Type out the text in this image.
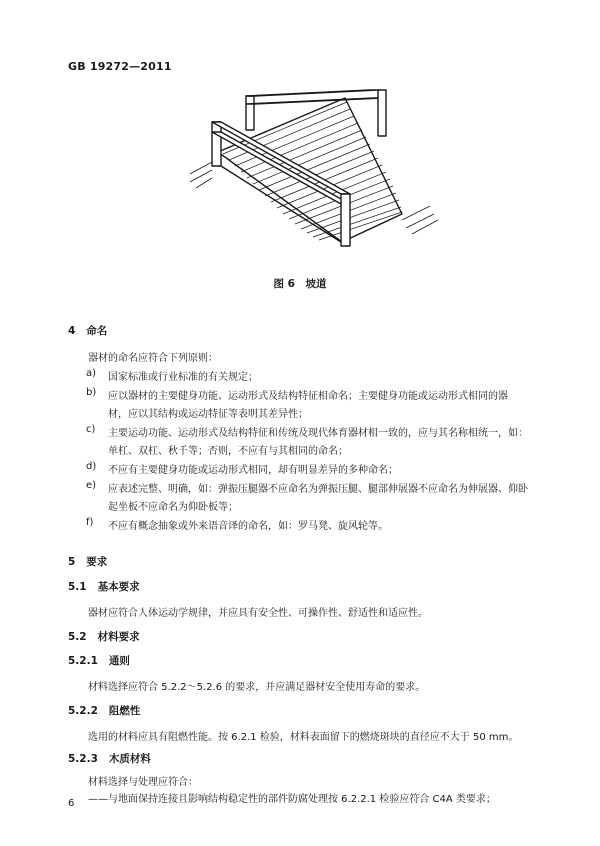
GB 19272—2011
图 6　坡道
4 命名
器材的命名应符合下列原则：
a) 国家标准或行业标准的有关规定；
b) 应以器材的主要健身功能、运动形式及结构特征相命名；主要健身功能或运动形式相同的器
材，应以其结构或运动特征等表明其差异性；
c) 主要运动功能、运动形式及结构特征和传统及现代体育器材相一致的，应与其名称相统一，如：
单杠、双杠、秋千等；否则，不应有与其相同的命名；
d) 不应有主要健身功能或运动形式相同，却有明显差异的多种命名；
e) 应表述完整、明确，如：弹振压腿器不应命名为弹振压腿、腿部伸展器不应命名为伸展器、仰卧
起坐板不应命名为仰卧板等；
f) 不应有概念抽象或外来语音译的命名，如：罗马凳、旋风轮等。
5 要求
5.1 基本要求
器材应符合人体运动学规律，并应具有安全性、可操作性、舒适性和适应性。
5.2 材料要求
5.2.1 通则
材料选择应符合 5.2.2～5.2.6 的要求，并应满足器材安全使用寿命的要求。
5.2.2 阻燃性
选用的材料应具有阻燃性能。按 6.2.1 检验，材料表面留下的燃烧斑块的直径应不大于 50 mm。
5.2.3 木质材料
材料选择与处理应符合：
——与地面保持连接且影响结构稳定性的部件防腐处理按 6.2.2.1 检验应符合 C4A 类要求；
6
